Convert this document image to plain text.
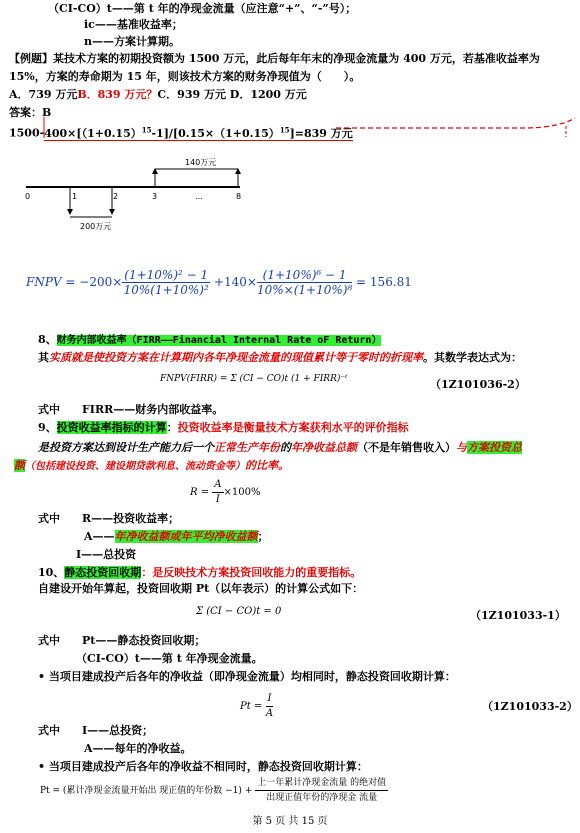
（CI-CO）t——第 t 年的净现金流量（应注意“+”、“-”号）；
ic——基准收益率；
n——方案计算期。
【例题】某技术方案的初期投资额为 1500 万元，此后每年年末的净现金流量为 400 万元，若基准收益率为
15%，方案的寿命期为 15 年，则该技术方案的财务净现值为（　　）。
A．739 万元B．839 万元？C．939 万元 D．1200 万元
答案：B
$1500-400\times[(1+0.15)^{15}-1]/[0.15\times(1+0.15)^{15}]=839$ 万元
140万元
200万元
0	1	2	3	…	8
FNPV = $-200\times \frac{\text{(1+10\%)² − 1}}{\text{10\%(1+10\%)²}} +140\times \frac{\text{(1+10\%)⁶ − 1}}{\text{10\%×(1+10\%)⁸}} = 156.81$
8、财务内部收益率（FIRR——Financial Internal Rate oF Return）
其实质就是使投资方案在计算期内各年净现金流量的现值累计等于零时的折现率。其数学表达式为：
FNPV(FIRR) = Σ (CI − CO)t (1 + FIRR)⁻ᵗ	（1Z101036-2）
式中　　FIRR——财务内部收益率。
9、投资收益率指标的计算：投资收益率是衡量技术方案获利水平的评价指标
是投资方案达到设计生产能力后一个正常生产年份的年净收益总额（不是年销售收入）与方案投资总
额（包括建设投资、建设期贷款利息、流动资金等）的比率。
$R = \frac{A}{I} \times 100\%$
式中　　R——投资收益率；
A——年净收益额或年平均净收益额；
I——总投资
10、静态投资回收期：是反映技术方案投资回收能力的重要指标。
自建设开始年算起，投资回收期 Pt（以年表示）的计算公式如下：
Σ (CI − CO)t = 0	（1Z101033-1）
式中　　Pt——静态投资回收期；
（CI-CO）t——第 t 年净现金流量。
• 当项目建成投产后各年的净收益（即净现金流量）均相同时，静态投资回收期计算：
$Pt = \frac{I}{A}$	（1Z101033-2）
式中　　I——总投资；
A——每年的净收益。
• 当项目建成投产后各年的净收益不相同时，静态投资回收期计算：
Pt = (累计净现金流量开始出 现正值的年份数 $-1) + \frac{\text{上一年累计净现金流量 的绝对值}}{\text{出现正值年份的净现金 流量}}$
第 5 页 共 15 页
